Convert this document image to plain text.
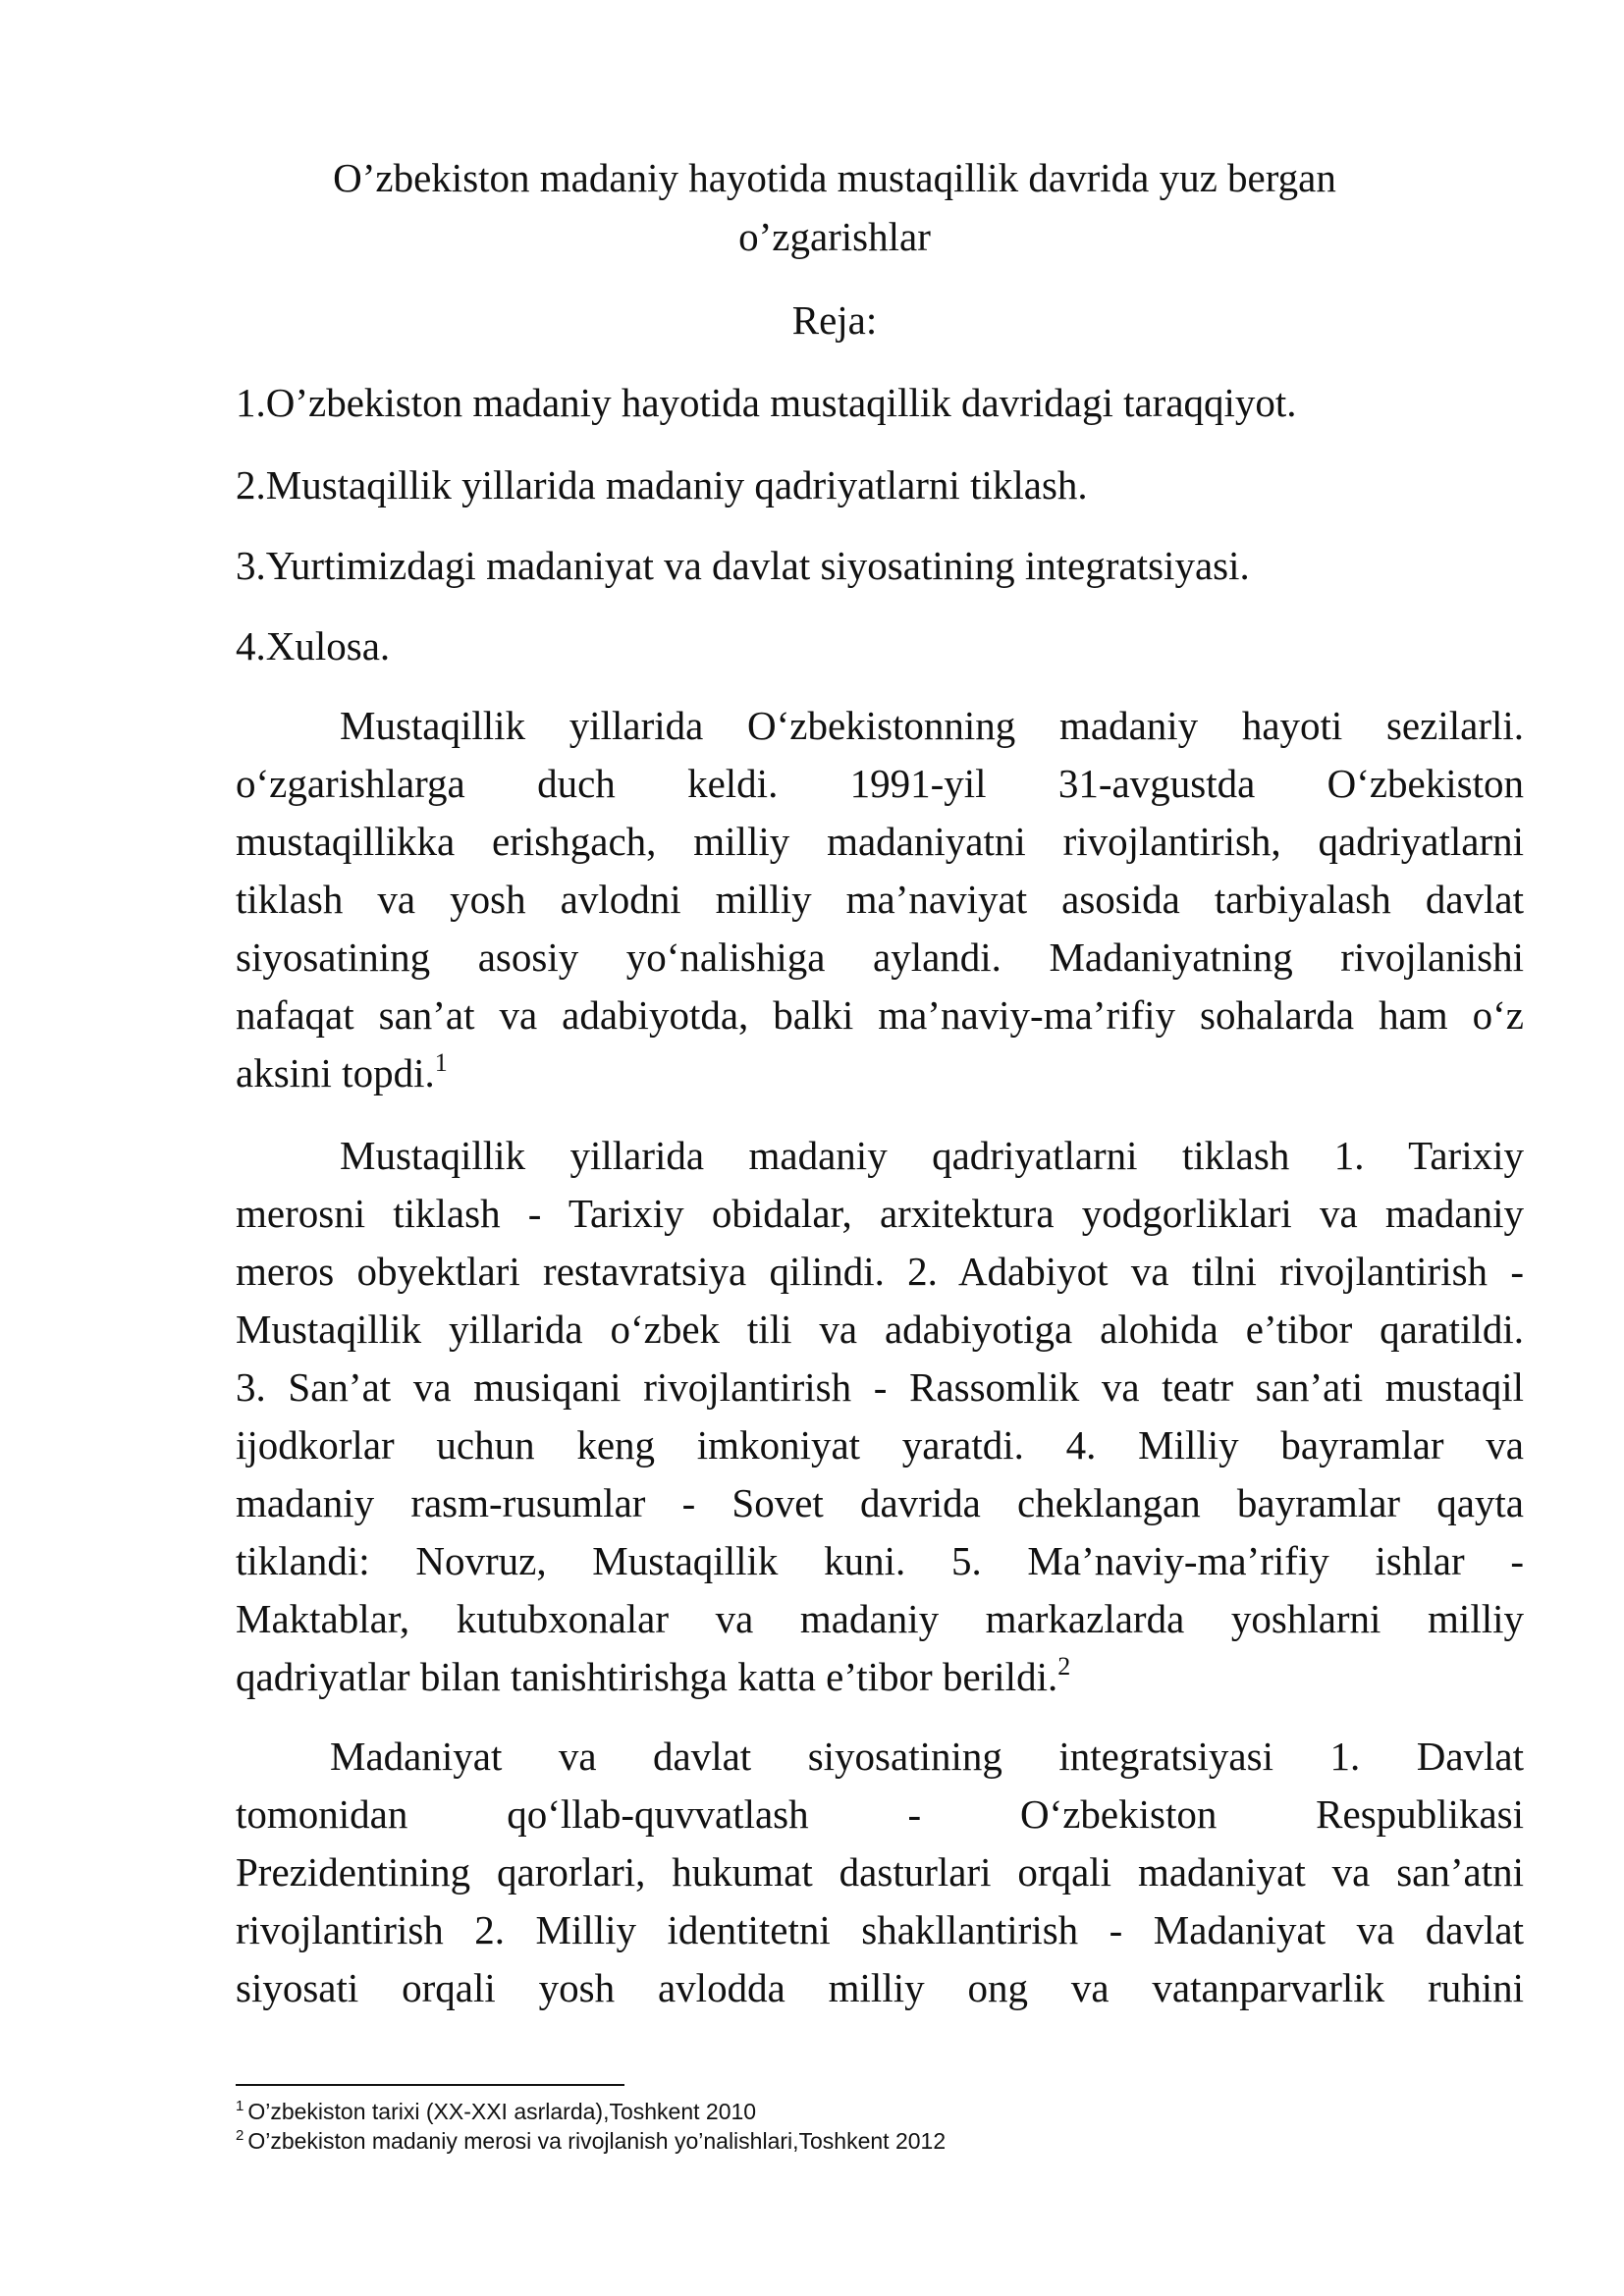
O’zbekiston madaniy hayotida mustaqillik davrida yuz bergan
o’zgarishlar
Reja:
1.O’zbekiston madaniy hayotida mustaqillik davridagi taraqqiyot.
2.Mustaqillik yillarida madaniy qadriyatlarni tiklash.
3.Yurtimizdagi madaniyat va davlat siyosatining integratsiyasi.
4.Xulosa.
Mustaqillik yillarida O‘zbekistonning madaniy hayoti sezilarli.
o‘zgarishlarga duch keldi. 1991-yil 31-avgustda O‘zbekiston
mustaqillikka erishgach, milliy madaniyatni rivojlantirish, qadriyatlarni
tiklash va yosh avlodni milliy ma’naviyat asosida tarbiyalash davlat
siyosatining asosiy yo‘nalishiga aylandi. Madaniyatning rivojlanishi
nafaqat san’at va adabiyotda, balki ma’naviy-ma’rifiy sohalarda ham o‘z
aksini topdi.$^1$
Mustaqillik yillarida madaniy qadriyatlarni tiklash 1. Tarixiy
merosni tiklash - Tarixiy obidalar, arxitektura yodgorliklari va madaniy
meros obyektlari restavratsiya qilindi. 2. Adabiyot va tilni rivojlantirish -
Mustaqillik yillarida o‘zbek tili va adabiyotiga alohida e’tibor qaratildi.
3. San’at va musiqani rivojlantirish - Rassomlik va teatr san’ati mustaqil
ijodkorlar uchun keng imkoniyat yaratdi. 4. Milliy bayramlar va
madaniy rasm-rusumlar - Sovet davrida cheklangan bayramlar qayta
tiklandi: Novruz, Mustaqillik kuni. 5. Ma’naviy-ma’rifiy ishlar -
Maktablar, kutubxonalar va madaniy markazlarda yoshlarni milliy
qadriyatlar bilan tanishtirishga katta e’tibor berildi.$^2$
Madaniyat va davlat siyosatining integratsiyasi 1. Davlat
tomonidan qo‘llab-quvvatlash - O‘zbekiston Respublikasi
Prezidentining qarorlari, hukumat dasturlari orqali madaniyat va san’atni
rivojlantirish 2. Milliy identitetni shakllantirish - Madaniyat va davlat
siyosati orqali yosh avlodda milliy ong va vatanparvarlik ruhini
$^1$ O’zbekiston tarixi (XX-XXI asrlarda),Toshkent 2010
$^2$ O’zbekiston madaniy merosi va rivojlanish yo’nalishlari,Toshkent 2012
